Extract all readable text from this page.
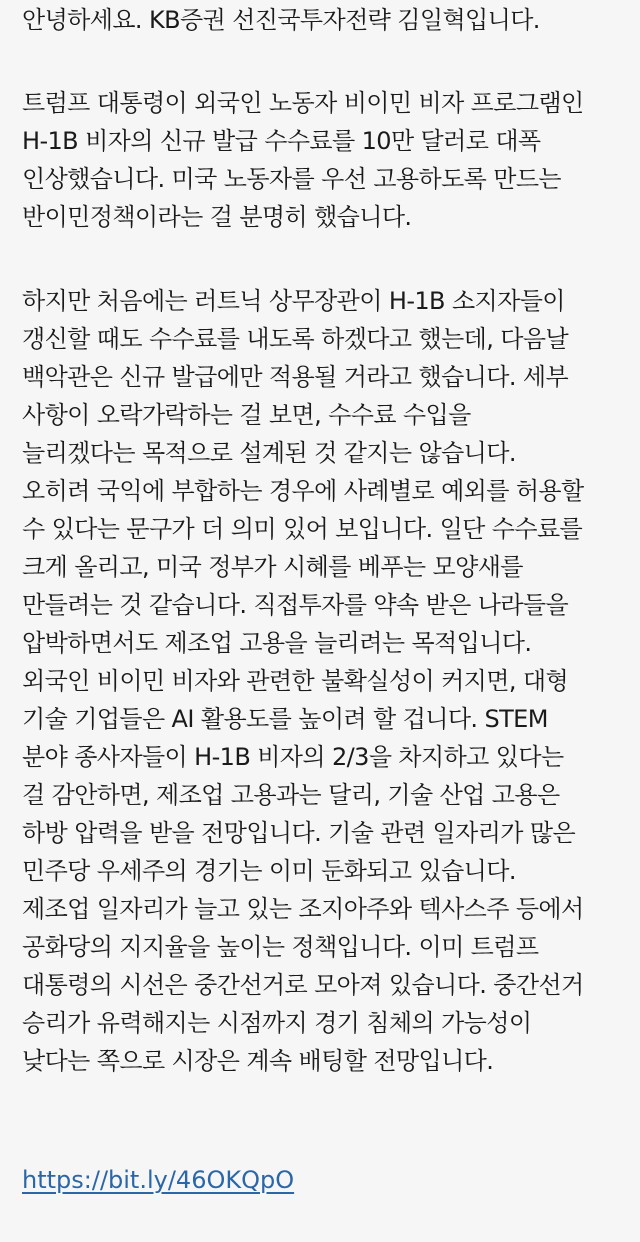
안녕하세요. KB증권 선진국투자전략 김일혁입니다.
트럼프 대통령이 외국인 노동자 비이민 비자 프로그램인
H-1B 비자의 신규 발급 수수료를 10만 달러로 대폭
인상했습니다. 미국 노동자를 우선 고용하도록 만드는
반이민정책이라는 걸 분명히 했습니다.
하지만 처음에는 러트닉 상무장관이 H-1B 소지자들이
갱신할 때도 수수료를 내도록 하겠다고 했는데, 다음날
백악관은 신규 발급에만 적용될 거라고 했습니다. 세부
사항이 오락가락하는 걸 보면, 수수료 수입을
늘리겠다는 목적으로 설계된 것 같지는 않습니다.
오히려 국익에 부합하는 경우에 사례별로 예외를 허용할
수 있다는 문구가 더 의미 있어 보입니다. 일단 수수료를
크게 올리고, 미국 정부가 시혜를 베푸는 모양새를
만들려는 것 같습니다. 직접투자를 약속 받은 나라들을
압박하면서도 제조업 고용을 늘리려는 목적입니다.
외국인 비이민 비자와 관련한 불확실성이 커지면, 대형
기술 기업들은 AI 활용도를 높이려 할 겁니다. STEM
분야 종사자들이 H-1B 비자의 2/3을 차지하고 있다는
걸 감안하면, 제조업 고용과는 달리, 기술 산업 고용은
하방 압력을 받을 전망입니다. 기술 관련 일자리가 많은
민주당 우세주의 경기는 이미 둔화되고 있습니다.
제조업 일자리가 늘고 있는 조지아주와 텍사스주 등에서
공화당의 지지율을 높이는 정책입니다. 이미 트럼프
대통령의 시선은 중간선거로 모아져 있습니다. 중간선거
승리가 유력해지는 시점까지 경기 침체의 가능성이
낮다는 쪽으로 시장은 계속 배팅할 전망입니다.
https://bit.ly/46OKQpO
